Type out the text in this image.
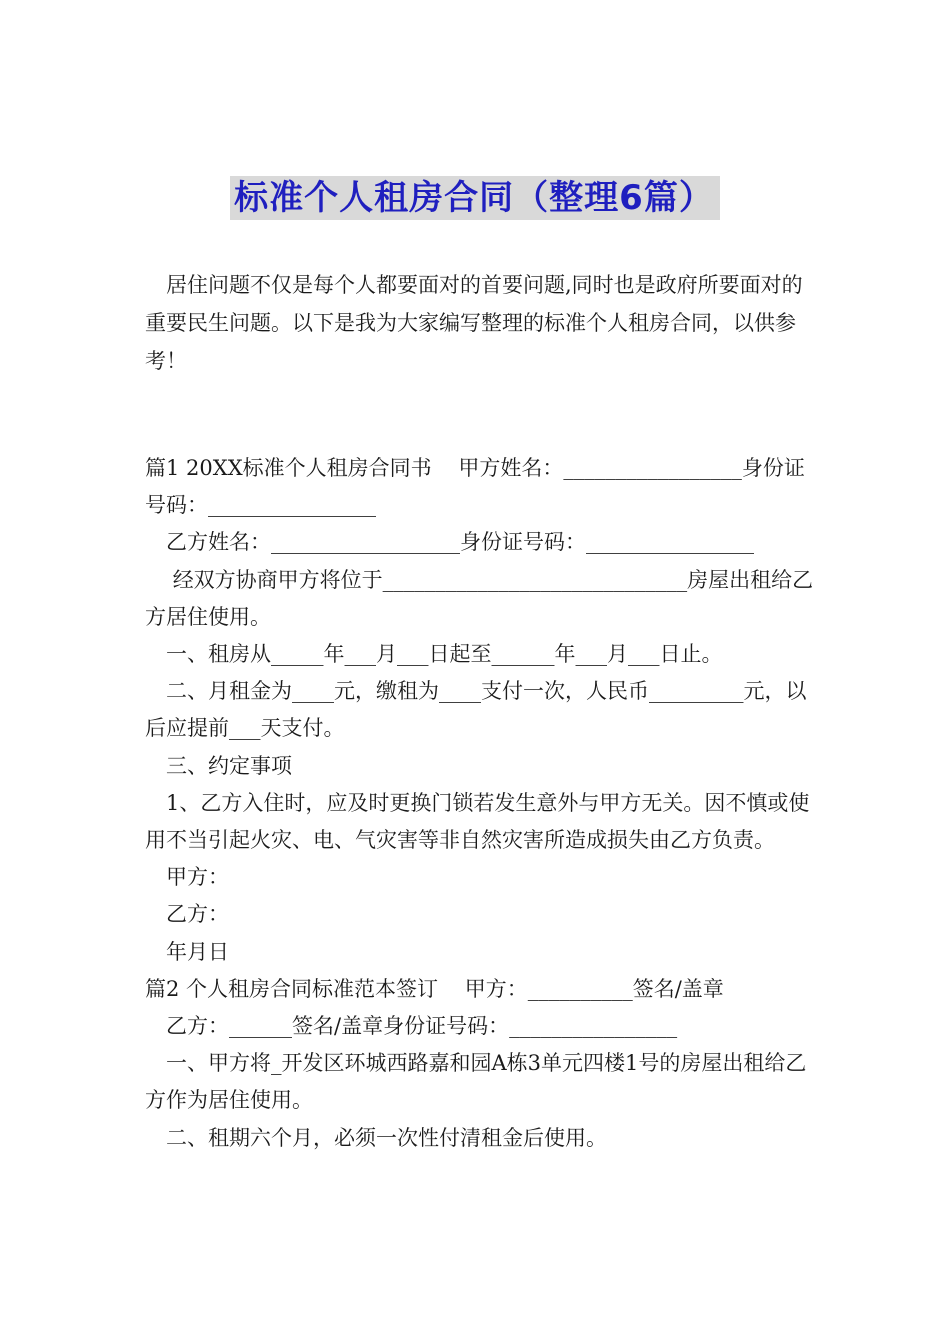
标准个人租房合同（整理6篇）

居住问题不仅是每个人都要面对的首要问题,同时也是政府所要面对的重要民生问题。以下是我为大家编写整理的标准个人租房合同，以供参考！

篇1 20XX标准个人租房合同书    甲方姓名：_________________身份证号码：________________

乙方姓名：__________________身份证号码：________________

经双方协商甲方将位于_____________________________房屋出租给乙方居住使用。

一、租房从_____年___月___日起至______年___月___日止。

二、月租金为____元，缴租为____支付一次，人民币_________元，以后应提前___天支付。

三、约定事项

1、乙方入住时，应及时更换门锁若发生意外与甲方无关。因不慎或使用不当引起火灾、电、气灾害等非自然灾害所造成损失由乙方负责。

甲方：

乙方：

年月日

篇2 个人租房合同标准范本签订    甲方：__________签名/盖章

乙方：______签名/盖章身份证号码：________________

一、甲方将_开发区环城西路嘉和园A栋3单元四楼1号的房屋出租给乙方作为居住使用。

二、租期六个月，必须一次性付清租金后使用。
